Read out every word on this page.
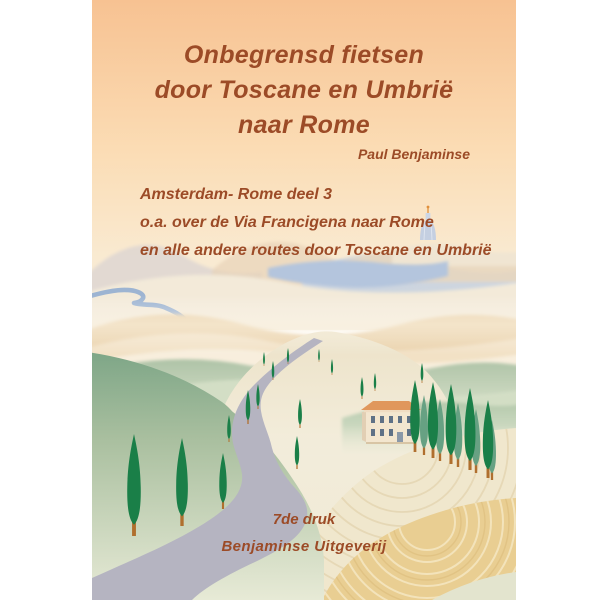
Onbegrensd fietsen
door Toscane en Umbrië
naar Rome
Paul Benjaminse
Amsterdam- Rome deel 3
o.a. over de Via Francigena naar Rome
en alle andere routes door Toscane en Umbrië
7de druk
Benjaminse Uitgeverij
